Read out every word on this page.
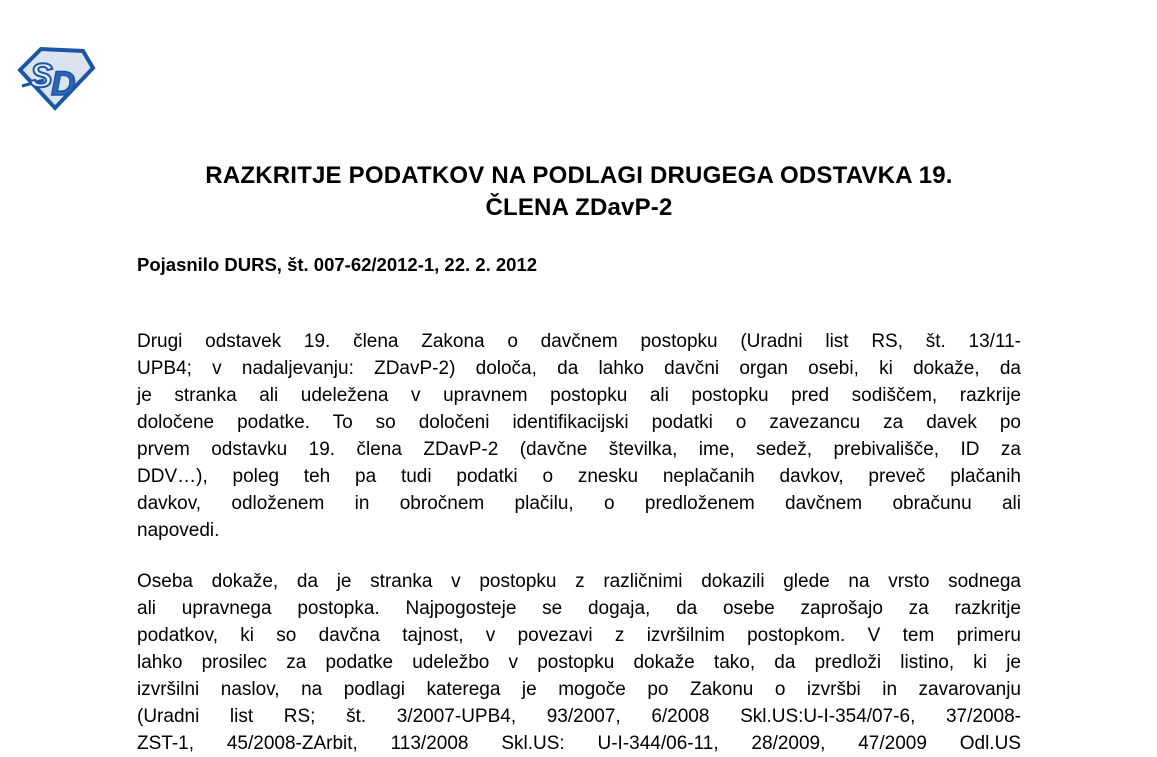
S
D
RAZKRITJE PODATKOV NA PODLAGI DRUGEGA ODSTAVKA 19.
ČLENA ZDavP-2

Pojasnilo DURS, št. 007-62/2012-1, 22. 2. 2012

Drugi odstavek 19. člena Zakona o davčnem postopku (Uradni list RS, št. 13/11-
UPB4; v nadaljevanju: ZDavP-2) določa, da lahko davčni organ osebi, ki dokaže, da
je stranka ali udeležena v upravnem postopku ali postopku pred sodiščem, razkrije
določene podatke. To so določeni identifikacijski podatki o zavezancu za davek po
prvem odstavku 19. člena ZDavP-2 (davčne številka, ime, sedež, prebivališče, ID za
DDV…), poleg teh pa tudi podatki o znesku neplačanih davkov, preveč plačanih
davkov, odloženem in obročnem plačilu, o predloženem davčnem obračunu ali
napovedi.
Oseba dokaže, da je stranka v postopku z različnimi dokazili glede na vrsto sodnega
ali upravnega postopka. Najpogosteje se dogaja, da osebe zaprošajo za razkritje
podatkov, ki so davčna tajnost, v povezavi z izvršilnim postopkom. V tem primeru
lahko prosilec za podatke udeležbo v postopku dokaže tako, da predloži listino, ki je
izvršilni naslov, na podlagi katerega je mogoče po Zakonu o izvršbi in zavarovanju
(Uradni list RS; št. 3/2007-UPB4, 93/2007, 6/2008 Skl.US:U-I-354/07-6, 37/2008-
ZST-1, 45/2008-ZArbit, 113/2008 Skl.US: U-I-344/06-11, 28/2009, 47/2009 Odl.US
